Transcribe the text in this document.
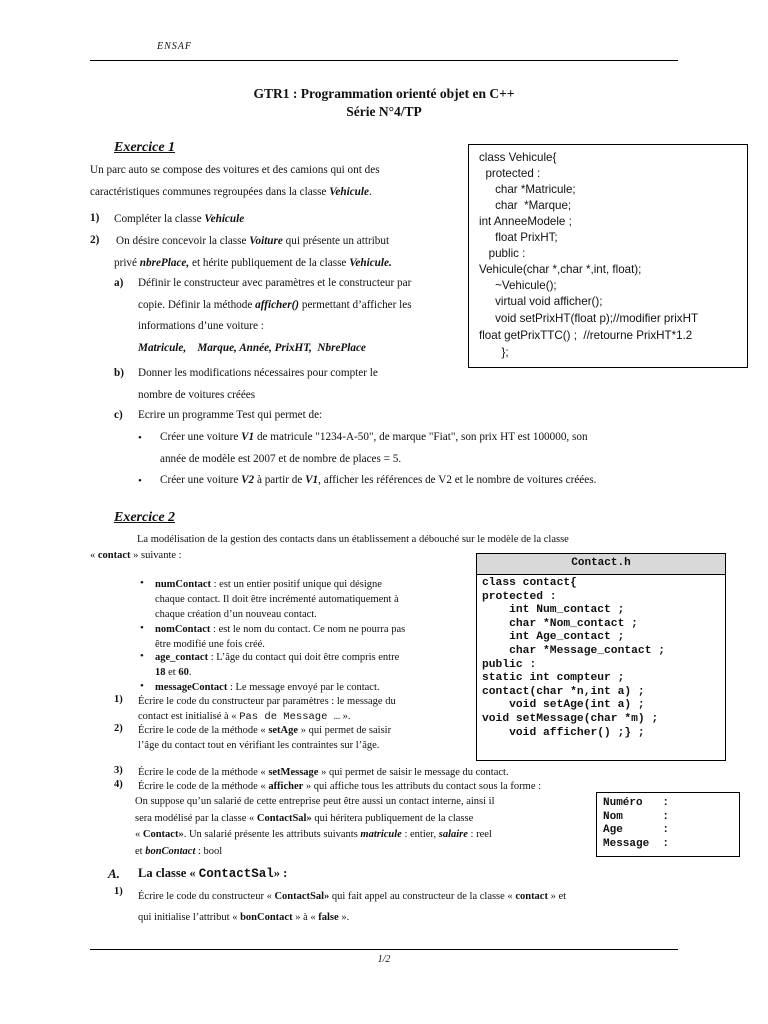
ENSAF
GTR1 : Programmation orienté objet en C++
Série N°4/TP
Exercice 1
Un parc auto se compose des voitures et des camions qui ont des
caractéristiques communes regroupées dans la classe Vehicule.
1) Compléter la classe Vehicule
2) On désire concevoir la classe Voiture qui présente un attribut
privé nbrePlace, et hérite publiquement de la classe Vehicule.
a) Définir le constructeur avec paramètres et le constructeur par
copie. Définir la méthode afficher() permettant d’afficher les
informations d’une voiture :
Matricule,    Marque, Année, PrixHT,  NbrePlace
b) Donner les modifications nécessaires pour compter le
nombre de voitures créées
c) Ecrire un programme Test qui permet de:
• Créer une voiture V1 de matricule "1234-A-50", de marque "Fiat", son prix HT est 100000, son
année de modèle est 2007 et de nombre de places = 5.
• Créer une voiture V2 à partir de V1, afficher les références de V2 et le nombre de voitures créées.
class Vehicule{
protected :
char *Matricule;
char  *Marque;
int AnneeModele ;
float PrixHT;
public :
Vehicule(char *,char *,int, float);
~Vehicule();
virtual void afficher();
void setPrixHT(float p);//modifier prixHT
float getPrixTTC() ;  //retourne PrixHT*1.2
};
Exercice 2
La modélisation de la gestion des contacts dans un établissement a débouché sur le modèle de la classe
« contact » suivante :
Contact.h
class contact{
protected :
int Num_contact ;
char *Nom_contact ;
int Age_contact ;
char *Message_contact ;
public :
static int compteur ;
contact(char *n,int a) ;
void setAge(int a) ;
void setMessage(char *m) ;
void afficher() ;} ;
• numContact : est un entier positif unique qui désigne
chaque contact. Il doit être incrémenté automatiquement à
chaque création d’un nouveau contact.
• nomContact : est le nom du contact. Ce nom ne pourra pas
être modifié une fois créé.
• age_contact : L’âge du contact qui doit être compris entre
18 et 60.
• messageContact : Le message envoyé par le contact.
1) Écrire le code du constructeur par paramètres : le message du
contact est initialisé à « Pas de Message … ».
2) Écrire le code de la méthode « setAge » qui permet de saisir
l’âge du contact tout en vérifiant les contraintes sur l’âge.
3) Écrire le code de la méthode « setMessage » qui permet de saisir le message du contact.
4) Écrire le code de la méthode « afficher » qui affiche tous les attributs du contact sous la forme :
On suppose qu’un salarié de cette entreprise peut être aussi un contact interne, ainsi il
sera modélisé par la classe « ContactSal» qui héritera publiquement de la classe
« Contact». Un salarié présente les attributs suivants matricule : entier, salaire : reel
et bonContact : bool
Numéro   :
Nom      :
Age      :
Message  :
A. La classe « ContactSal» :
1) Écrire le code du constructeur « ContactSal» qui fait appel au constructeur de la classe « contact » et
qui initialise l’attribut « bonContact » à « false ».
1/2
